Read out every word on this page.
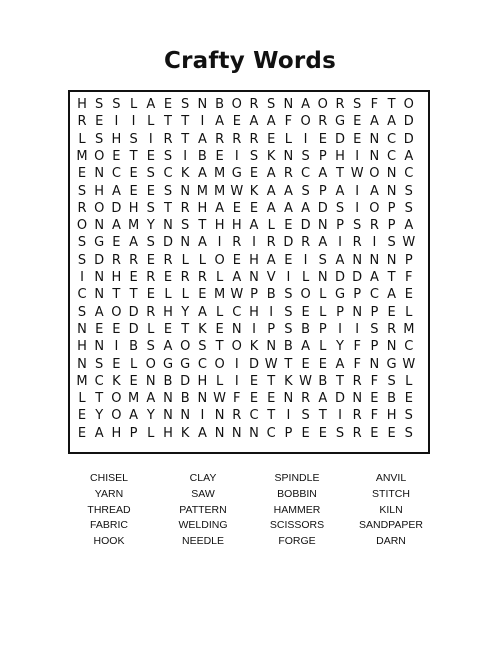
Crafty Words
H S S L A E S N B O R S N A O R S F T O
R E I	I L T T I A E A A F O R G E A A D
L S H S I R T A R R R E L I E D E N C D
M O E T E S I B E I S K N S P H I N C A
E N C E S C K A M G E A R C A T W O N C
S H A E E S N M M W K A A S P A I A N S
R O D H S T R H A E E A A A D S I O P S
O N A M Y N S T H H A L E D N P S R P A
S G E A S D N A I R I R D R A I R I S W
S D R R E R L L O E H A E I S A N N N P
I N H E R E R R L A N V I L N D D A T F
C N T T E L L E M W P B S O L G P C A E
S A O D R H Y A L C H I S E L P N P E L
N E E D L E T K E N I P S B P I	I S R M
H N I B S A O S T O K N B A L Y F P N C
N S E L O G G C O I D W T E E A F N G W
M C K E N B D H L I E T K W B T R F S L
L T O M A N B N W F E E N R A D N E B E
E Y O A Y N N I N R C T I S T I R F H S
E A H P L H K A N N N C P E E S R E E S
CHISEL	CLAY	SPINDLE	ANVIL
YARN	SAW	BOBBIN	STITCH
THREAD	PATTERN	HAMMER	KILN
FABRIC	WELDING	SCISSORS	SANDPAPER
HOOK	NEEDLE	FORGE	DARN
